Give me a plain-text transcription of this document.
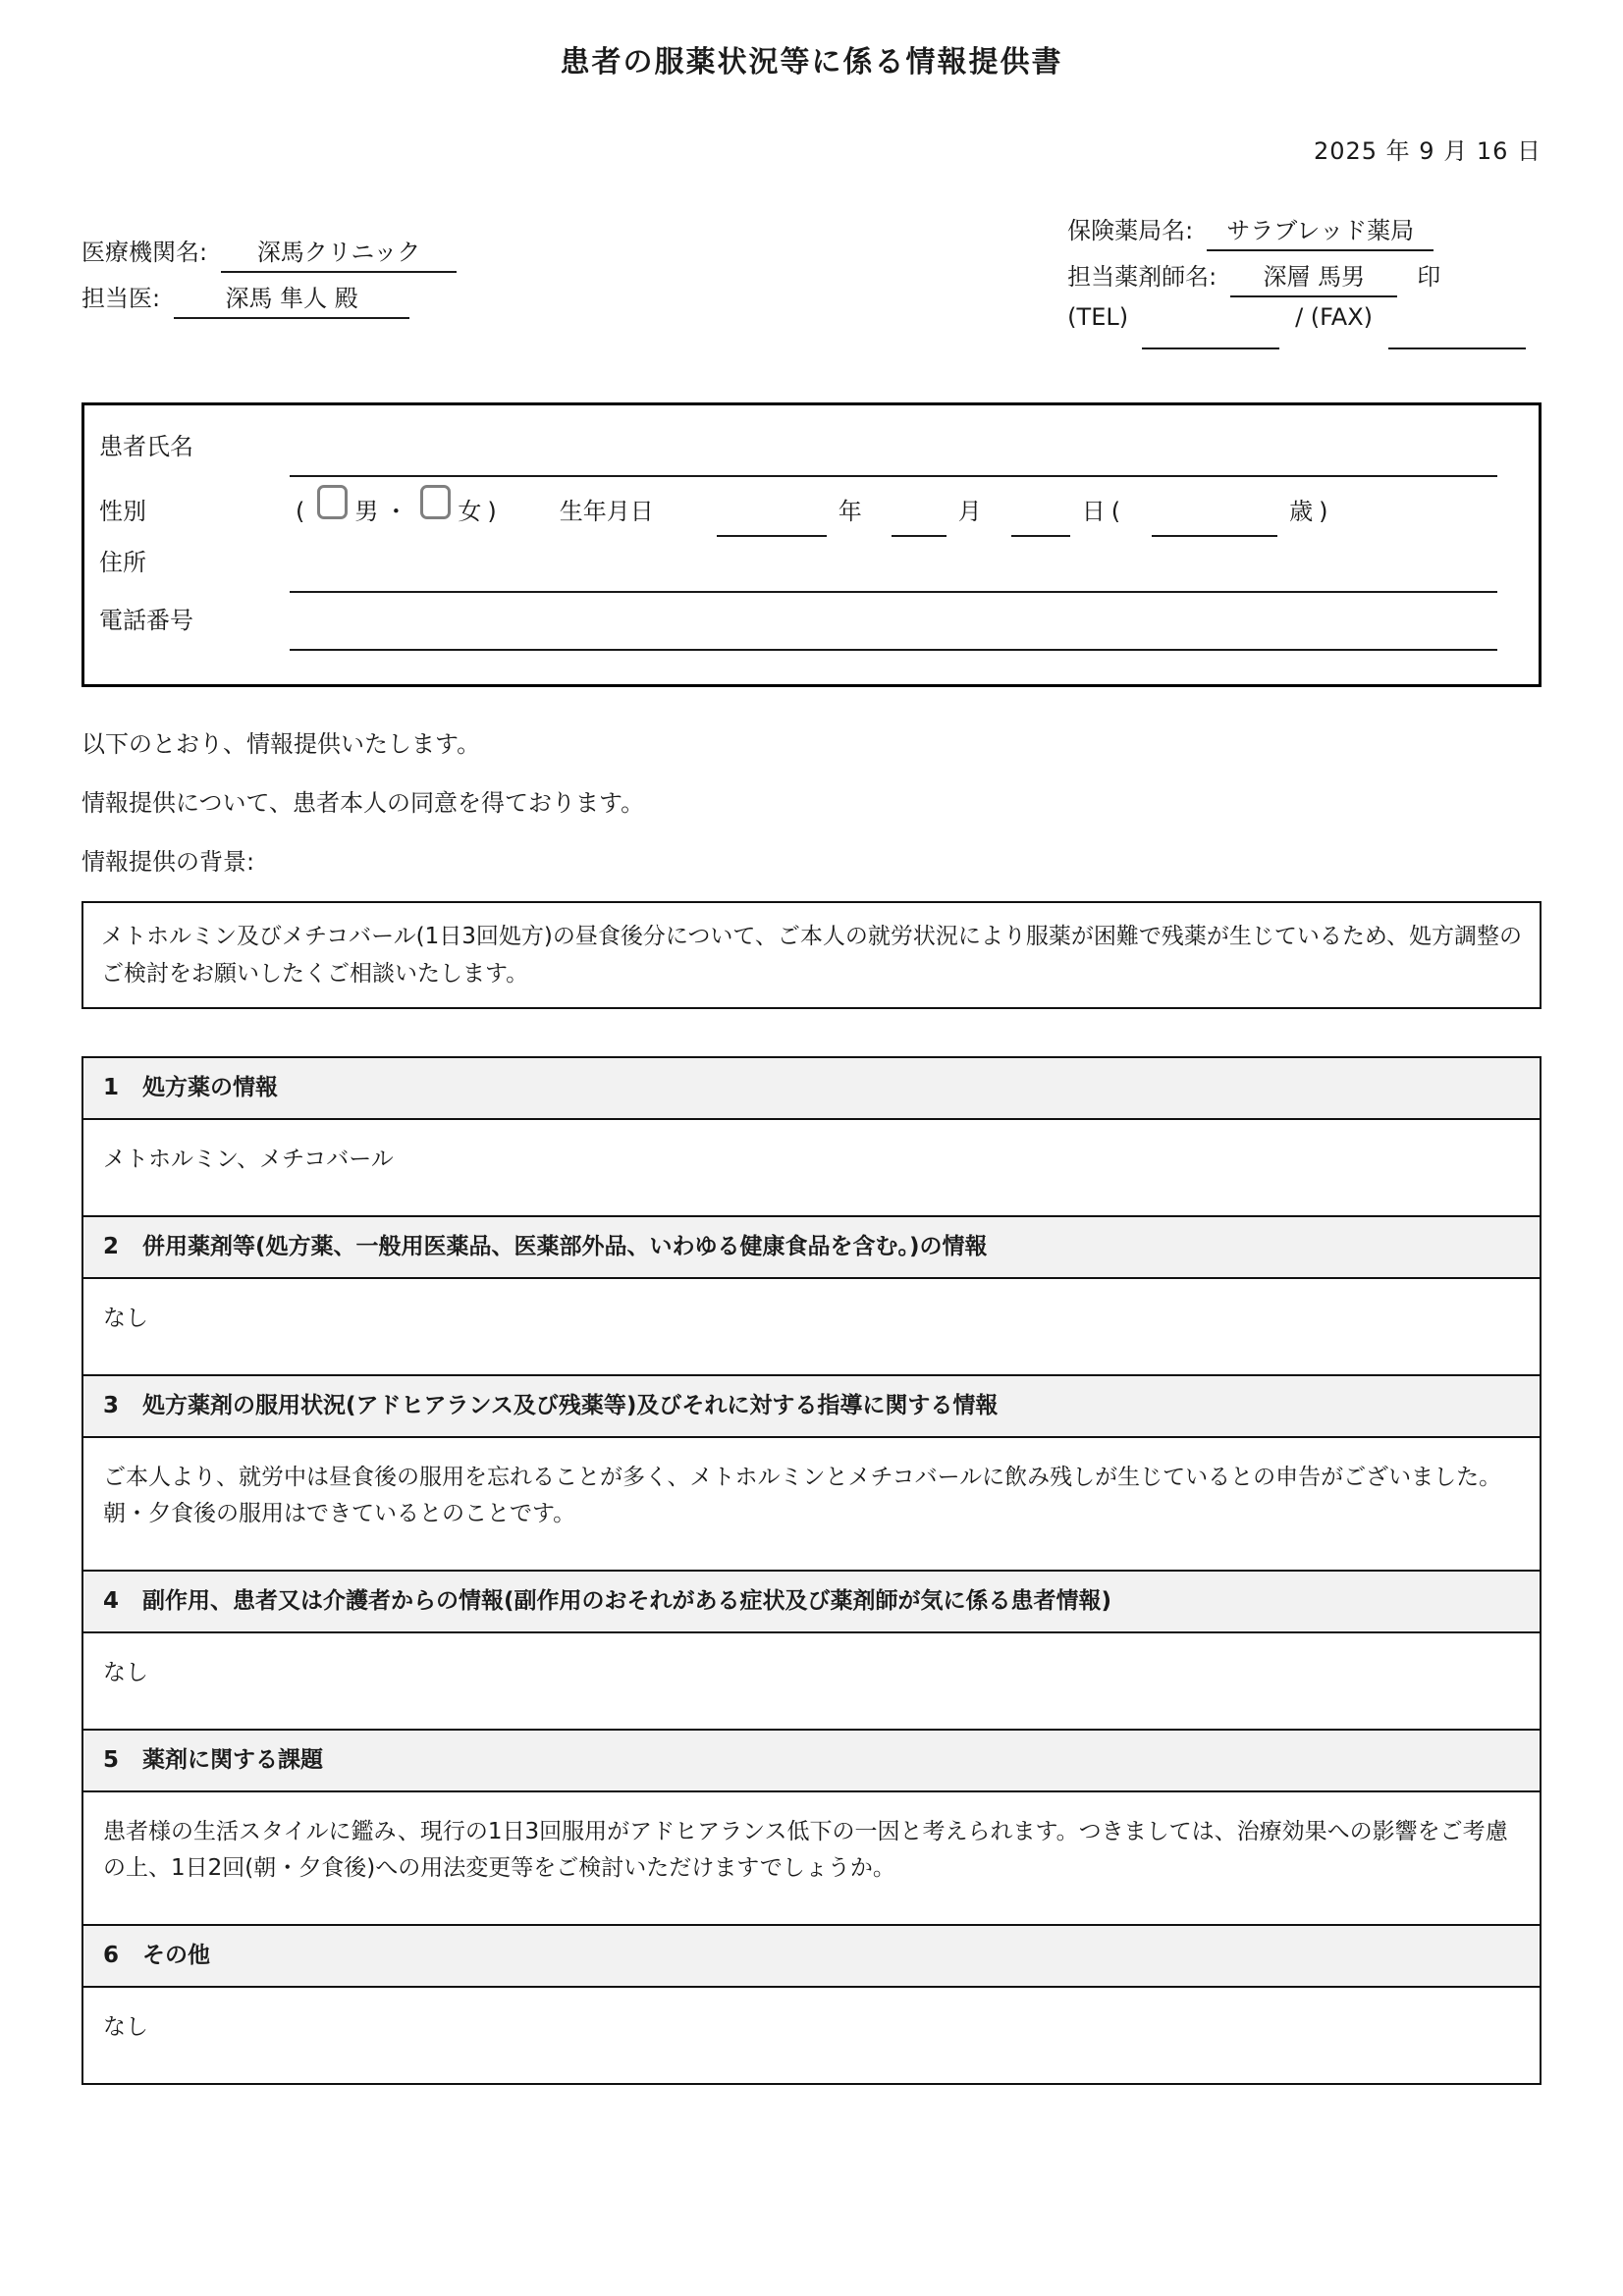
患者の服薬状況等に係る情報提供書
2025 年 9 月 16 日
医療機関名:	深馬クリニック
担当医:	深馬 隼人 殿
保険薬局名:	サラブレッド薬局
担当薬剤師名:	深層 馬男	印
(TEL)	/ (FAX)
患者氏名
性別	( 男 ・ 女 )	生年月日	年	月	日 (	歳 )
住所
電話番号
以下のとおり、情報提供いたします。
情報提供について、患者本人の同意を得ております。
情報提供の背景:
メトホルミン及びメチコバール(1日3回処方)の昼食後分について、ご本人の就労状況により服薬が困難で残薬が生じているため、処方調整のご検討をお願いしたくご相談いたします。
1 処方薬の情報
メトホルミン、メチコバール
2 併用薬剤等(処方薬、一般用医薬品、医薬部外品、いわゆる健康食品を含む。)の情報
なし
3 処方薬剤の服用状況(アドヒアランス及び残薬等)及びそれに対する指導に関する情報
ご本人より、就労中は昼食後の服用を忘れることが多く、メトホルミンとメチコバールに飲み残しが生じているとの申告がございました。朝・夕食後の服用はできているとのことです。
4 副作用、患者又は介護者からの情報(副作用のおそれがある症状及び薬剤師が気に係る患者情報)
なし
5 薬剤に関する課題
患者様の生活スタイルに鑑み、現行の1日3回服用がアドヒアランス低下の一因と考えられます。つきましては、治療効果への影響をご考慮の上、1日2回(朝・夕食後)への用法変更等をご検討いただけますでしょうか。
6 その他
なし
